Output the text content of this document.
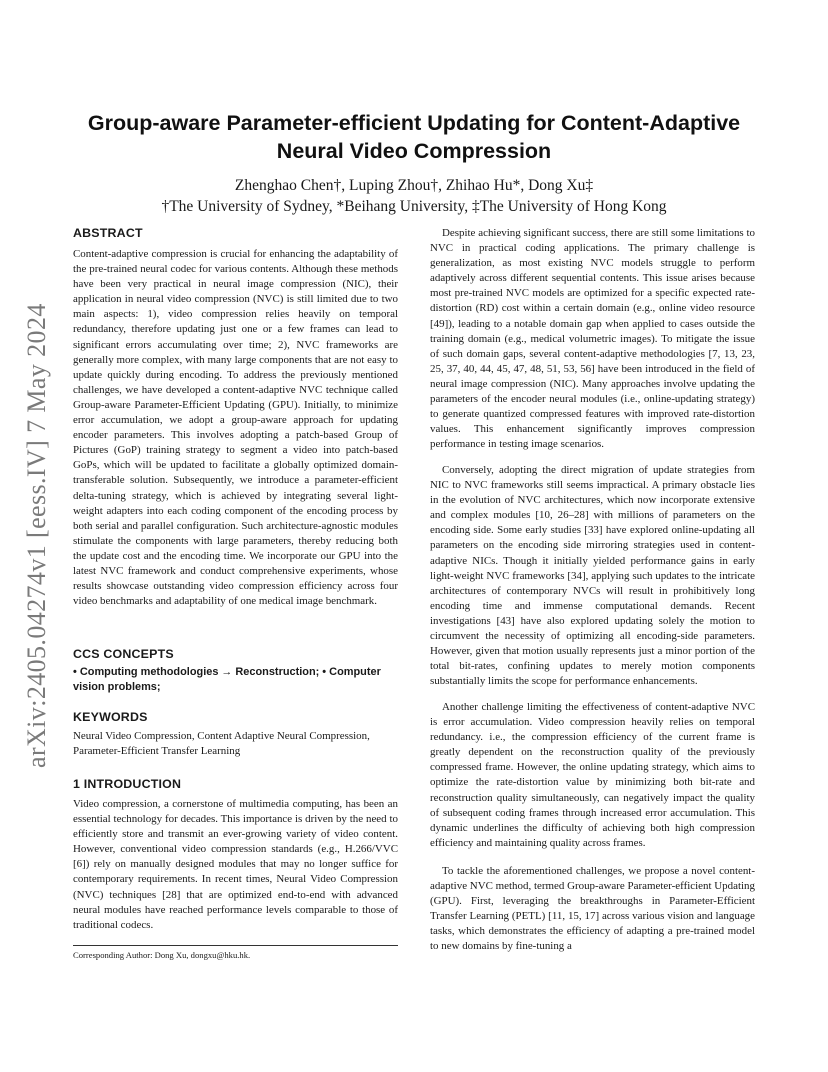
arXiv:2405.04274v1 [eess.IV] 7 May 2024
Group-aware Parameter-efficient Updating for Content-Adaptive Neural Video Compression
Zhenghao Chen†, Luping Zhou†, Zhihao Hu*, Dong Xu‡
†The University of Sydney, *Beihang University, ‡The University of Hong Kong
ABSTRACT
Content-adaptive compression is crucial for enhancing the adaptability of the pre-trained neural codec for various contents. Although these methods have been very practical in neural image compression (NIC), their application in neural video compression (NVC) is still limited due to two main aspects: 1), video compression relies heavily on temporal redundancy, therefore updating just one or a few frames can lead to significant errors accumulating over time; 2), NVC frameworks are generally more complex, with many large components that are not easy to update quickly during encoding. To address the previously mentioned challenges, we have developed a content-adaptive NVC technique called Group-aware Parameter-Efficient Updating (GPU). Initially, to minimize error accumulation, we adopt a group-aware approach for updating encoder parameters. This involves adopting a patch-based Group of Pictures (GoP) training strategy to segment a video into patch-based GoPs, which will be updated to facilitate a globally optimized domain-transferable solution. Subsequently, we introduce a parameter-efficient delta-tuning strategy, which is achieved by integrating several light-weight adapters into each coding component of the encoding process by both serial and parallel configuration. Such architecture-agnostic modules stimulate the components with large parameters, thereby reducing both the update cost and the encoding time. We incorporate our GPU into the latest NVC framework and conduct comprehensive experiments, whose results showcase outstanding video compression efficiency across four video benchmarks and adaptability of one medical image benchmark.
CCS CONCEPTS
• Computing methodologies → Reconstruction; • Computer vision problems;
KEYWORDS
Neural Video Compression, Content Adaptive Neural Compression, Parameter-Efficient Transfer Learning
1 INTRODUCTION
Video compression, a cornerstone of multimedia computing, has been an essential technology for decades. This importance is driven by the need to efficiently store and transmit an ever-growing variety of video content. However, conventional video compression standards (e.g., H.266/VVC [6]) rely on manually designed modules that may no longer suffice for contemporary requirements. In recent times, Neural Video Compression (NVC) techniques [28] that are optimized end-to-end with advanced neural modules have reached performance levels comparable to those of traditional codecs.
Corresponding Author: Dong Xu, dongxu@hku.hk.
Despite achieving significant success, there are still some limitations to NVC in practical coding applications. The primary challenge is generalization, as most existing NVC models struggle to perform adaptively across different sequential contents. This issue arises because most pre-trained NVC models are optimized for a specific expected rate-distortion (RD) cost within a certain domain (e.g., online video resource [49]), leading to a notable domain gap when applied to cases outside the training domain (e.g., medical volumetric images). To mitigate the issue of such domain gaps, several content-adaptive methodologies [7, 13, 23, 25, 37, 40, 44, 45, 47, 48, 51, 53, 56] have been introduced in the field of neural image compression (NIC). Many approaches involve updating the parameters of the encoder neural modules (i.e., online-updating strategy) to generate quantized compressed features with improved rate-distortion values. This enhancement significantly improves compression performance in testing image scenarios.
Conversely, adopting the direct migration of update strategies from NIC to NVC frameworks still seems impractical. A primary obstacle lies in the evolution of NVC architectures, which now incorporate extensive and complex modules [10, 26–28] with millions of parameters on the encoding side. Some early studies [33] have explored online-updating all parameters on the encoding side mirroring strategies used in content-adaptive NICs. Though it initially yielded performance gains in early light-weight NVC frameworks [34], applying such updates to the intricate architectures of contemporary NVCs will result in prohibitively long encoding time and immense computational demands. Recent investigations [43] have also explored updating solely the motion to circumvent the necessity of optimizing all encoding-side parameters. However, given that motion usually represents just a minor portion of the total bit-rates, confining updates to merely motion components substantially limits the scope for performance enhancements.
Another challenge limiting the effectiveness of content-adaptive NVC is error accumulation. Video compression heavily relies on temporal redundancy. i.e., the compression efficiency of the current frame is greatly dependent on the reconstruction quality of the previously compressed frame. However, the online updating strategy, which aims to optimize the rate-distortion value by minimizing both bit-rate and reconstruction quality simultaneously, can negatively impact the quality of subsequent coding frames through increased error accumulation. This dynamic underlines the difficulty of achieving both high compression efficiency and maintaining quality across frames.
To tackle the aforementioned challenges, we propose a novel content-adaptive NVC method, termed Group-aware Parameter-efficient Updating (GPU). First, leveraging the breakthroughs in Parameter-Efficient Transfer Learning (PETL) [11, 15, 17] across various vision and language tasks, which demonstrates the efficiency of adapting a pre-trained model to new domains by fine-tuning a
